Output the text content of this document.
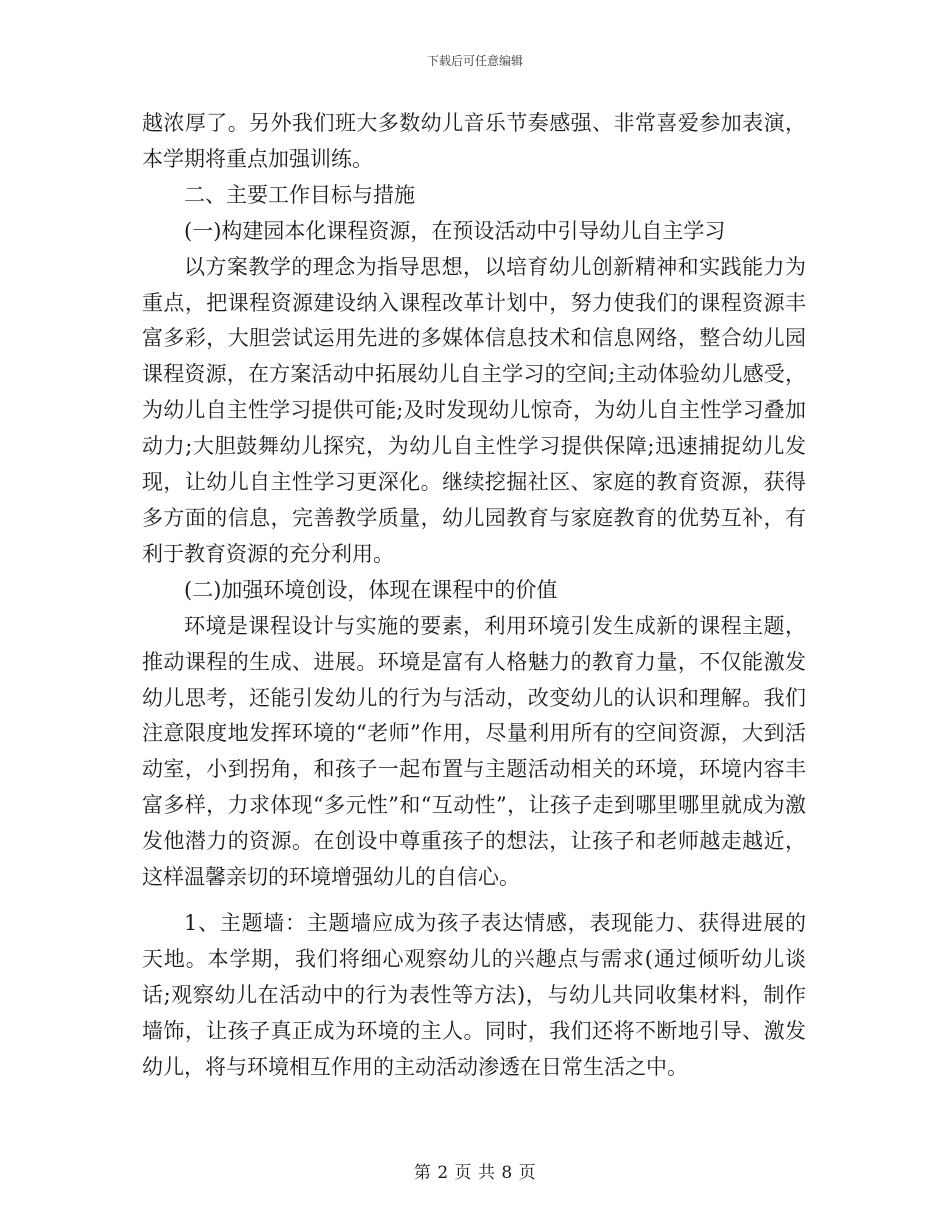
下载后可任意编辑

越浓厚了。另外我们班大多数幼儿音乐节奏感强、非常喜爱参加表演，本学期将重点加强训练。

二、主要工作目标与措施

(一)构建园本化课程资源，在预设活动中引导幼儿自主学习

以方案教学的理念为指导思想，以培育幼儿创新精神和实践能力为重点，把课程资源建设纳入课程改革计划中，努力使我们的课程资源丰富多彩，大胆尝试运用先进的多媒体信息技术和信息网络，整合幼儿园课程资源，在方案活动中拓展幼儿自主学习的空间;主动体验幼儿感受，为幼儿自主性学习提供可能;及时发现幼儿惊奇，为幼儿自主性学习叠加动力;大胆鼓舞幼儿探究，为幼儿自主性学习提供保障;迅速捕捉幼儿发现，让幼儿自主性学习更深化。继续挖掘社区、家庭的教育资源，获得多方面的信息，完善教学质量，幼儿园教育与家庭教育的优势互补，有利于教育资源的充分利用。

(二)加强环境创设，体现在课程中的价值

环境是课程设计与实施的要素，利用环境引发生成新的课程主题，推动课程的生成、进展。环境是富有人格魅力的教育力量，不仅能激发幼儿思考，还能引发幼儿的行为与活动，改变幼儿的认识和理解。我们注意限度地发挥环境的“老师”作用，尽量利用所有的空间资源，大到活动室，小到拐角，和孩子一起布置与主题活动相关的环境，环境内容丰富多样，力求体现“多元性”和“互动性”，让孩子走到哪里哪里就成为激发他潜力的资源。在创设中尊重孩子的想法，让孩子和老师越走越近，这样温馨亲切的环境增强幼儿的自信心。

1、主题墙：主题墙应成为孩子表达情感，表现能力、获得进展的天地。本学期，我们将细心观察幼儿的兴趣点与需求(通过倾听幼儿谈话;观察幼儿在活动中的行为表性等方法)，与幼儿共同收集材料，制作墙饰，让孩子真正成为环境的主人。同时，我们还将不断地引导、激发幼儿，将与环境相互作用的主动活动渗透在日常生活之中。

第 2 页 共 8 页
